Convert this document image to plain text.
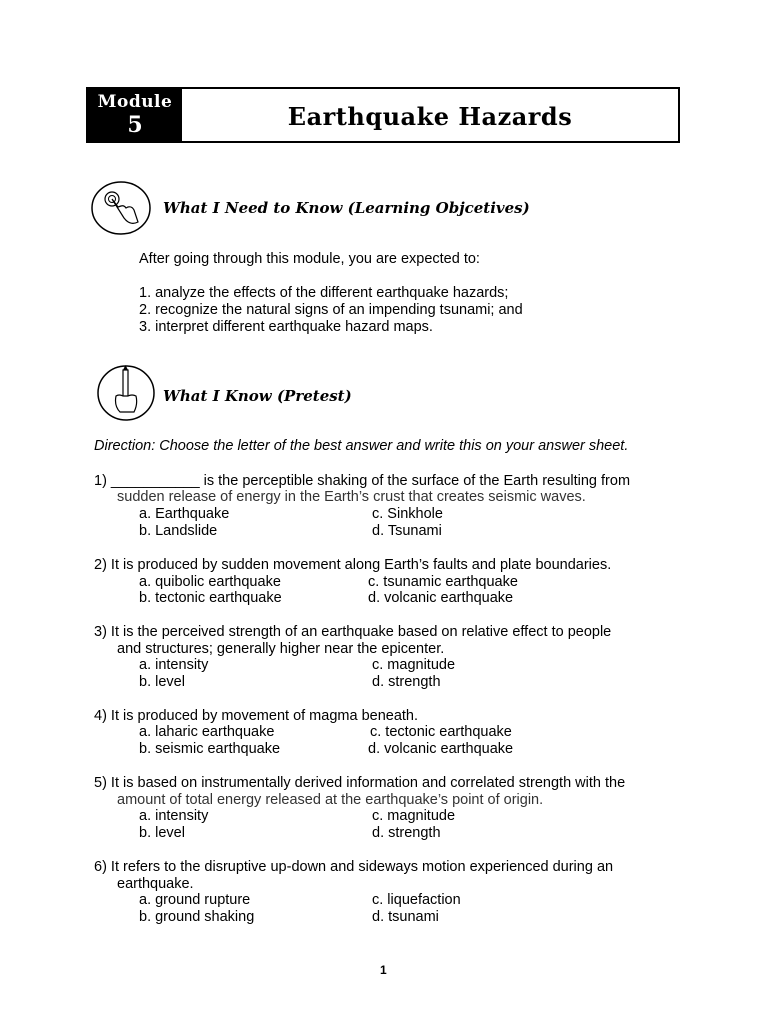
Module
5	Earthquake Hazards
What I Need to Know (Learning Objcetives)
After going through this module, you are expected to:
1. analyze the effects of the different earthquake hazards;
2. recognize the natural signs of an impending tsunami; and
3. interpret different earthquake hazard maps.
What I Know (Pretest)
Direction: Choose the letter of the best answer and write this on your answer sheet.
1) ___________ is the perceptible shaking of the surface of the Earth resulting from
sudden release of energy in the Earth’s crust that creates seismic waves.
a. Earthquake	c. Sinkhole
b. Landslide	d. Tsunami
2) It is produced by sudden movement along Earth’s faults and plate boundaries.
a. quibolic earthquake	c. tsunamic earthquake
b. tectonic earthquake	d. volcanic earthquake
3) It is the perceived strength of an earthquake based on relative effect to people
and structures; generally higher near the epicenter.
a. intensity	c. magnitude
b. level	d. strength
4) It is produced by movement of magma beneath.
a. laharic earthquake	c. tectonic earthquake
b. seismic earthquake	d. volcanic earthquake
5) It is based on instrumentally derived information and correlated strength with the
amount of total energy released at the earthquake’s point of origin.
a. intensity	c. magnitude
b. level	d. strength
6) It refers to the disruptive up-down and sideways motion experienced during an
earthquake.
a. ground rupture	c. liquefaction
b. ground shaking	d. tsunami
1
